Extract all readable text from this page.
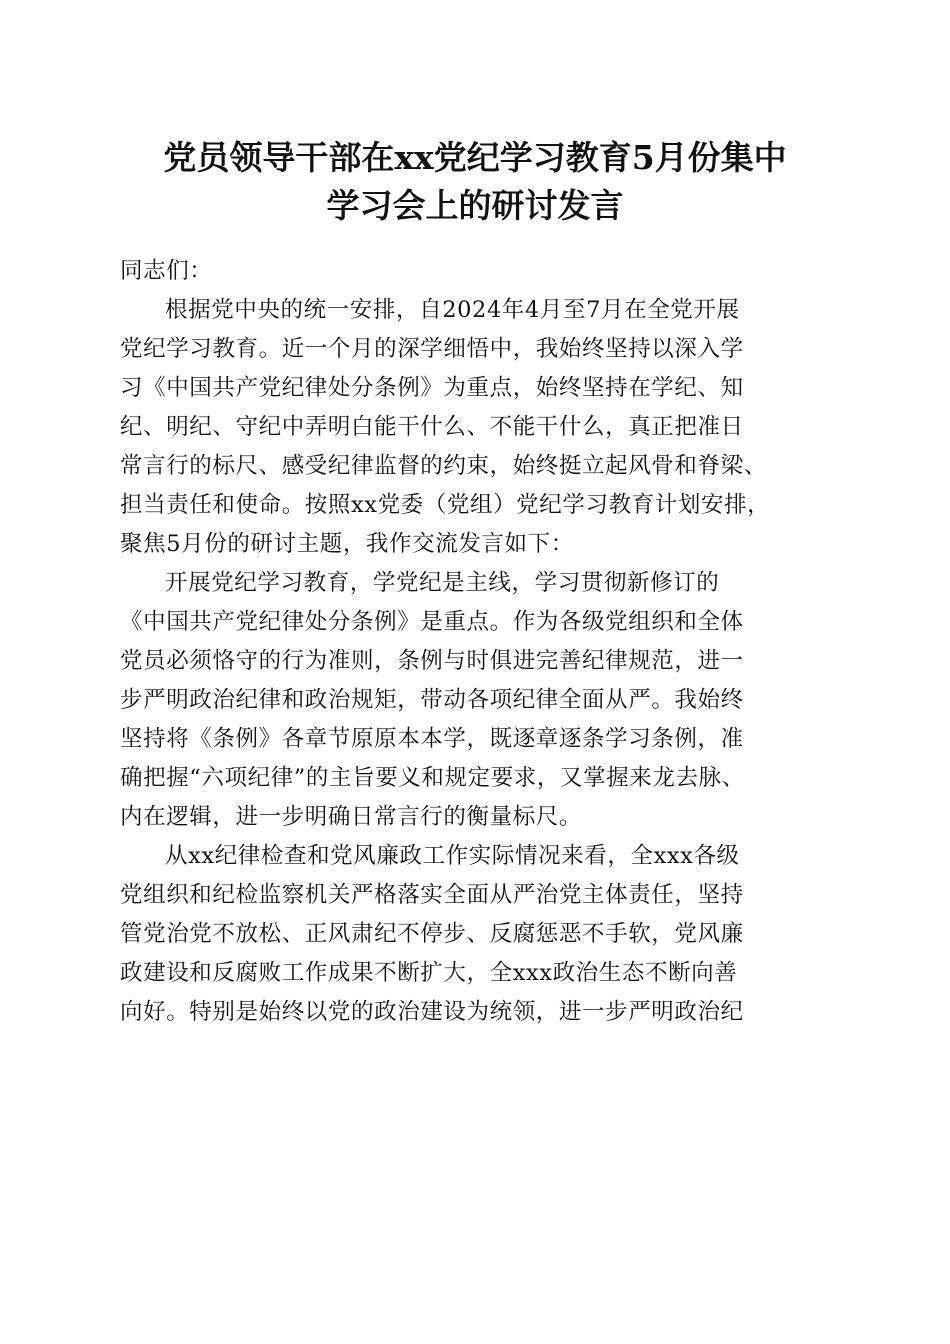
党员领导干部在xx党纪学习教育5月份集中
学习会上的研讨发言

同志们：

根据党中央的统一安排，自2024年4月至7月在全党开展
党纪学习教育。近一个月的深学细悟中，我始终坚持以深入学
习《中国共产党纪律处分条例》为重点，始终坚持在学纪、知
纪、明纪、守纪中弄明白能干什么、不能干什么，真正把准日
常言行的标尺、感受纪律监督的约束，始终挺立起风骨和脊梁、
担当责任和使命。按照xx党委（党组）党纪学习教育计划安排，
聚焦5月份的研讨主题，我作交流发言如下：
开展党纪学习教育，学党纪是主线，学习贯彻新修订的
《中国共产党纪律处分条例》是重点。作为各级党组织和全体
党员必须恪守的行为准则，条例与时俱进完善纪律规范，进一
步严明政治纪律和政治规矩，带动各项纪律全面从严。我始终
坚持将《条例》各章节原原本本学，既逐章逐条学习条例，准
确把握“六项纪律”的主旨要义和规定要求，又掌握来龙去脉、
内在逻辑，进一步明确日常言行的衡量标尺。
从xx纪律检查和党风廉政工作实际情况来看，全xxx各级
党组织和纪检监察机关严格落实全面从严治党主体责任，坚持
管党治党不放松、正风肃纪不停步、反腐惩恶不手软，党风廉
政建设和反腐败工作成果不断扩大，全xxx政治生态不断向善
向好。特别是始终以党的政治建设为统领，进一步严明政治纪
